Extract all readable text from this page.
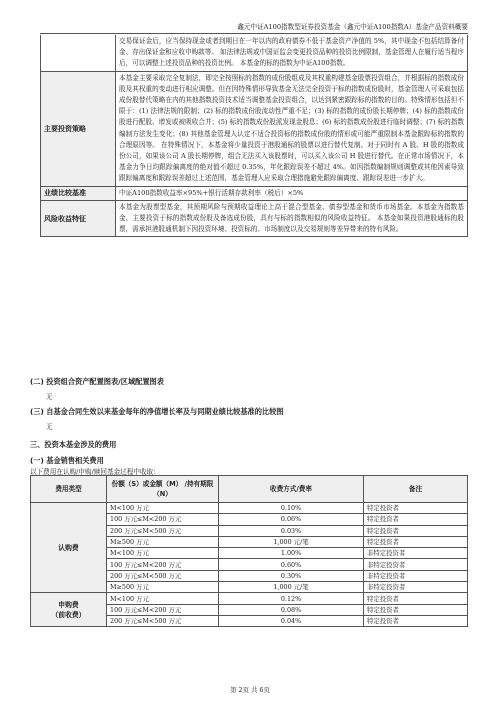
鑫元中证A100指数型证券投资基金（鑫元中证A100指数A）基金产品资料概要
	交易保证金后，应当保持现金或者到期日在一年以内的政府债券不低于基金资产净值的 5%，其中现金不包括结算备付金、存出保证金和应收申购款等。 如法律法规或中国证监会变更投资品种的投资比例限制，基金管理人在履行适当程序后，可以调整上述投资品种的投资比例。 本基金的标的指数为中证A100指数。
主要投资策略	本基金主要采取完全复制法，即完全按照标的指数的成份股组成及其权重构建基金股票投资组合，并根据标的指数成份股及其权重的变动进行相应调整。但在因特殊情形导致基金无法完全投资于标的指数成份股时，基金管理人可采取包括成份股替代策略在内的其他指数投资技术适当调整基金投资组合，以达到紧密跟踪标的指数的目的。特殊情形包括但不限于：(1) 法律法规的限制；(2) 标的指数成份股流动性严重不足；(3) 标的指数的成份股长期停牌；(4) 标的指数成份股进行配股、增发或被吸收合并；(5) 标的指数成份股派发现金股息；(6) 标的指数成份股进行临时调整；(7) 标的指数编制方法发生变化；(8) 其他基金管理人认定不适合投资标的指数成份股的情形或可能严重限制本基金跟踪标的指数的合理原因等。 在特殊情况下，本基金将少量投资于港股通标的股票以进行替代复制。对于同时有 A 股、H 股的指数成份公司，如果该公司 A 股长期停牌，组合无法买入该股票时，可以买入该公司 H 股进行替代。在正常市场情况下，本基金力争日均跟踪偏离度的绝对值不超过 0.35%，年化跟踪误差不超过 4%。如因指数编制规则调整或其他因素导致跟踪偏离度和跟踪误差超过上述范围，基金管理人应采取合理措施避免跟踪偏离度、跟踪误差进一步扩大。
业绩比较基准	中证A100指数收益率×95%+银行活期存款利率（税后）×5%
风险收益特征	本基金为股票型基金，其预期风险与预期收益理论上高于混合型基金、债券型基金和货币市场基金。本基金为指数基金，主要投资于标的指数成份股及备选成份股，具有与标的指数相似的风险收益特征。 本基金如果投资港股通标的股票，需承担港股通机制下因投资环境、投资标的、市场制度以及交易规则等差异带来的特有风险。
(二) 投资组合资产配置图表/区域配置图表
无
(三) 自基金合同生效以来基金每年的净值增长率及与同期业绩比较基准的比较图
无
三、投资本基金涉及的费用
(一) 基金销售相关费用
以下费用在认购/申购/赎回基金过程中收取：
费用类型	份额（S）或金额（M） /持有期限（N）	收费方式/费率	备注
认购费	M<100 万元	0.10%	特定投资者
	100 万元≤M<200 万元	0.06%	特定投资者
	200 万元≤M<500 万元	0.03%	特定投资者
	M≥500 万元	1,000 元/笔	特定投资者
	M<100 万元	1.00%	非特定投资者
	100 万元≤M<200 万元	0.60%	非特定投资者
	200 万元≤M<500 万元	0.30%	非特定投资者
	M≥500 万元	1,000 元/笔	非特定投资者
申购费
（前收费）	M<100 万元	0.12%	特定投资者
	100 万元≤M<200 万元	0.08%	特定投资者
	200 万元≤M<500 万元	0.04%	特定投资者
第 2页 共 6页
